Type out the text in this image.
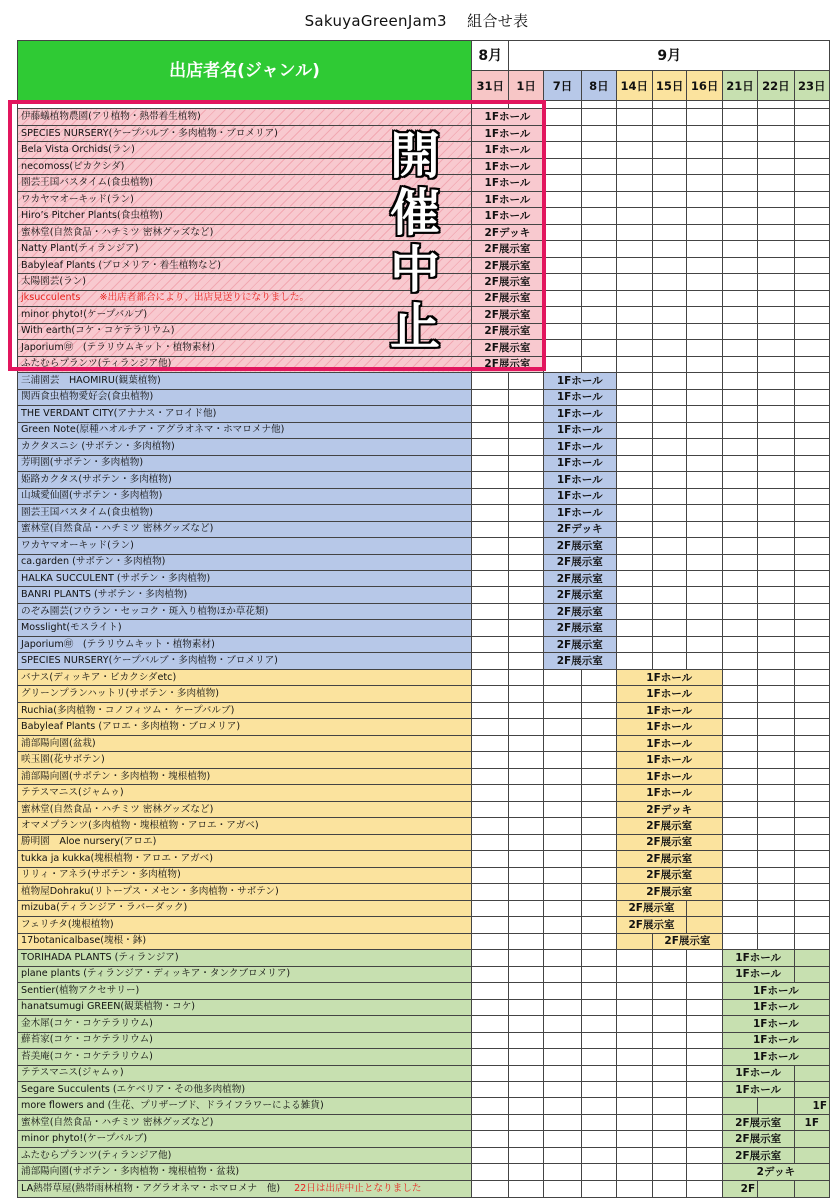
SakuyaGreenJam3　 組合せ表
出店者名(ジャンル)	8月	9月								
	31日	1日	7日	8日	14日	15日	16日	21日	22日	23日

伊藤蟻植物農園(アリ植物・熱帯着生植物)	1Fホール									
SPECIES NURSERY(ケープバルブ・多肉植物・ブロメリア)	1Fホール									
Bela Vista Orchids(ラン)	1Fホール									
necomoss(ビカクシダ)	1Fホール									
園芸王国バスタイム(食虫植物)	1Fホール									
ワカヤマオーキッド(ラン)	1Fホール									
Hiro’s Pitcher Plants(食虫植物)	1Fホール									
蜜林堂(自然食品・ハチミツ 密林グッズなど)	2Fデッキ									
Natty Plant(ティランジア)	2F展示室									
Babyleaf Plants (ブロメリア・着生植物など)	2F展示室									
太陽園芸(ラン)	2F展示室									
jksucculents　　※出店者都合により、出店見送りになりました。	2F展示室									
minor phyto!(ケープバルブ)	2F展示室									
With earth(コケ・コケテラリウム)	2F展示室									
Japorium㊞　(テラリウムキット・植物素材)	2F展示室									
ふたむらプランツ(ティランジア他)	2F展示室									
三浦園芸　HAOMIRU(観葉植物)			1Fホール							
関西食虫植物愛好会(食虫植物)			1Fホール							
THE VERDANT CITY(アナナス・アロイド他)			1Fホール							
Green Note(原種ハオルチア・アグラオネマ・ホマロメナ他)			1Fホール							
カクタスニシ (サボテン・多肉植物)			1Fホール							
芳明園(サボテン・多肉植物)			1Fホール							
姫路カクタス(サボテン・多肉植物)			1Fホール							
山城愛仙園(サボテン・多肉植物)			1Fホール							
園芸王国バスタイム(食虫植物)			1Fホール							
蜜林堂(自然食品・ハチミツ 密林グッズなど)			2Fデッキ							
ワカヤマオーキッド(ラン)			2F展示室							
ca.garden (サボテン・多肉植物)			2F展示室							
HALKA SUCCULENT (サボテン・多肉植物)			2F展示室							
BANRI PLANTS (サボテン・多肉植物)			2F展示室							
のぞみ園芸(フウラン・セッコク・斑入り植物ほか草花類)			2F展示室							
Mosslight(モスライト)			2F展示室							
Japorium㊞　(テラリウムキット・植物素材)			2F展示室							
SPECIES NURSERY(ケープバルブ・多肉植物・ブロメリア)			2F展示室							
バナス(ディッキア・ビカクシダetc)					1Fホール					
グリーンプランハットリ(サボテン・多肉植物)					1Fホール					
Ruchia(多肉植物・コノフィツム・ ケープバルブ)					1Fホール					
Babyleaf Plants (アロエ・多肉植物・ブロメリア)					1Fホール					
浦部陽向園(盆栽)					1Fホール					
咲玉園(花サボテン)					1Fホール					
浦部陽向園(サボテン・多肉植物・塊根植物)					1Fホール					
テテスマニス(ジャムゥ)					1Fホール					
蜜林堂(自然食品・ハチミツ 密林グッズなど)					2Fデッキ					
オマメプランツ(多肉植物・塊根植物・アロエ・アガベ)					2F展示室					
勝明園　Aloe nursery(アロエ)					2F展示室					
tukka ja kukka(塊根植物・アロエ・アガベ)					2F展示室					
リリィ・アネラ(サボテン・多肉植物)					2F展示室					
植物屋Dohraku(リトープス・メセン・多肉植物・サボテン)					2F展示室					
mizuba(ティランジア・ラバーダック)					2F展示室					
フェリチタ(塊根植物)					2F展示室					
17botanicalbase(塊根・鉢)						2F展示室				
TORIHADA PLANTS (ティランジア)								1Fホール		
plane plants (ティランジア・ディッキア・タンクブロメリア)								1Fホール		
Sentier(植物アクセサリー)								1Fホール		
hanatsumugi GREEN(観葉植物・コケ)								1Fホール		
金木犀(コケ・コケテラリウム)								1Fホール		
蘚苔家(コケ・コケテラリウム)								1Fホール		
苔美庵(コケ・コケテラリウム)								1Fホール		
テテスマニス(ジャムゥ)								1Fホール		
Segare Succulents (エケベリア・その他多肉植物)								1Fホール		
more flowers and (生花、プリザーブド、ドライフラワーによる雑貨)										1F
蜜林堂(自然食品・ハチミツ 密林グッズなど)								2F展示室		1F
minor phyto!(ケープバルブ)								2F展示室		
ふたむらプランツ(ティランジア他)								2F展示室		
浦部陽向園(サボテン・多肉植物・塊根植物・盆栽)								2デッキ		
LA熱帯草屋(熱帯雨林植物・アグラオネマ・ホマロメナ　他) 22日は出店中止となりました								2F		
開
催
中
止
